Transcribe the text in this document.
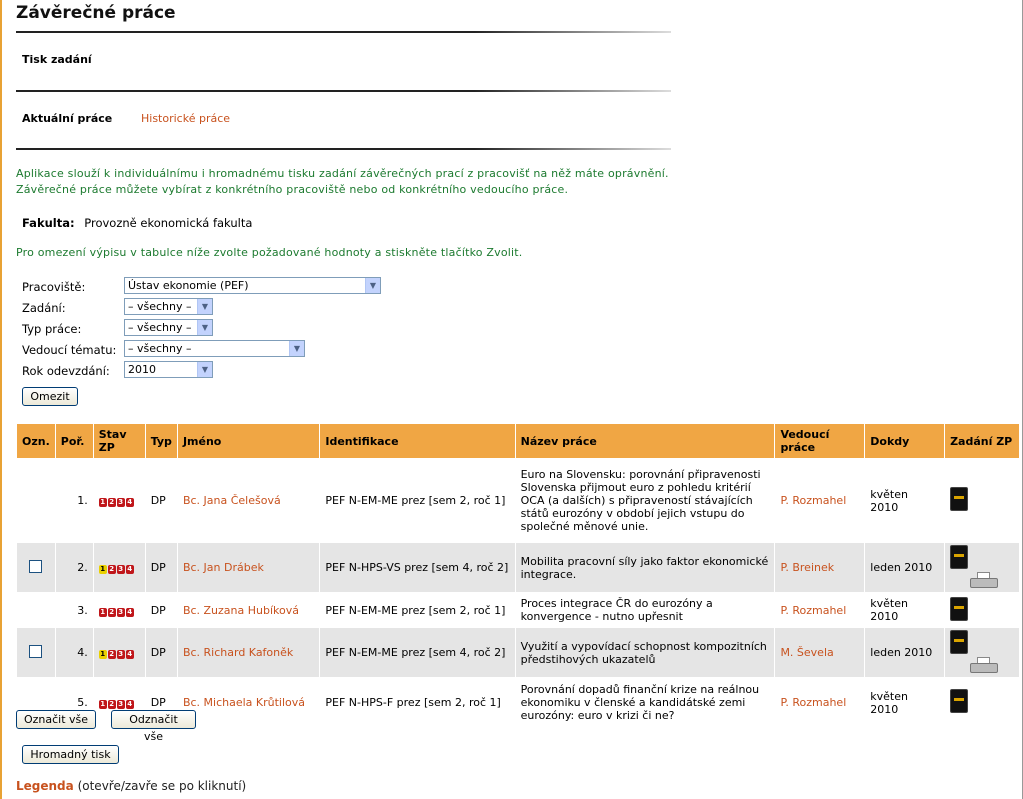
Závěrečné práce
Tisk zadání
Aktuální práce	Historické práce
Aplikace slouží k individuálnímu i hromadnému tisku zadání závěrečných prací z pracovišť na něž máte oprávnění.
Závěrečné práce můžete vybírat z konkrétního pracoviště nebo od konkrétního vedoucího práce.
Fakulta: Provozně ekonomická fakulta
Pro omezení výpisu v tabulce níže zvolte požadované hodnoty a stiskněte tlačítko Zvolit.
Pracoviště:	Ústav ekonomie (PEF)	▼
Zadání:	– všechny –	▼
Typ práce:	– všechny –	▼
Vedoucí tématu:	– všechny –	▼
Rok odevzdání:	2010	▼
Omezit
Ozn.	Poř.	Stav ZP	Typ	Jméno	Identifikace	Název práce	Vedoucí práce	Dokdy	Zadání ZP
	1.	1 2 3 4	DP	Bc. Jana Čelešová	PEF N-EM-ME prez [sem 2, roč 1]	Euro na Slovensku: porovnání připravenosti Slovenska přijmout euro z pohledu kritérií OCA (a dalších) s připraveností stávajících států eurozóny v období jejich vstupu do společné měnové unie.	P. Rozmahel	květen 2010	
	2.	1 2 3 4	DP	Bc. Jan Drábek	PEF N-HPS-VS prez [sem 4, roč 2]	Mobilita pracovní síly jako faktor ekonomické integrace.	P. Breinek	leden 2010	

	3.	1 2 3 4	DP	Bc. Zuzana Hubíková	PEF N-EM-ME prez [sem 2, roč 1]	Proces integrace ČR do eurozóny a konvergence - nutno upřesnit	P. Rozmahel	květen 2010	
	4.	1 2 3 4	DP	Bc. Richard Kafoněk	PEF N-EM-ME prez [sem 4, roč 2]	Využití a vypovídací schopnost kompozitních předstihových ukazatelů	M. Ševela	leden 2010	

	5.	1 2 3 4	DP	Bc. Michaela Krůtilová	PEF N-HPS-F prez [sem 2, roč 1]	Porovnání dopadů finanční krize na reálnou ekonomiku v členské a kandidátské zemi eurozóny: euro v krizi či ne?	P. Rozmahel	květen 2010	
Označit vše	Odznačit vše
Hromadný tisk
Legenda (otevře/zavře se po kliknutí)
